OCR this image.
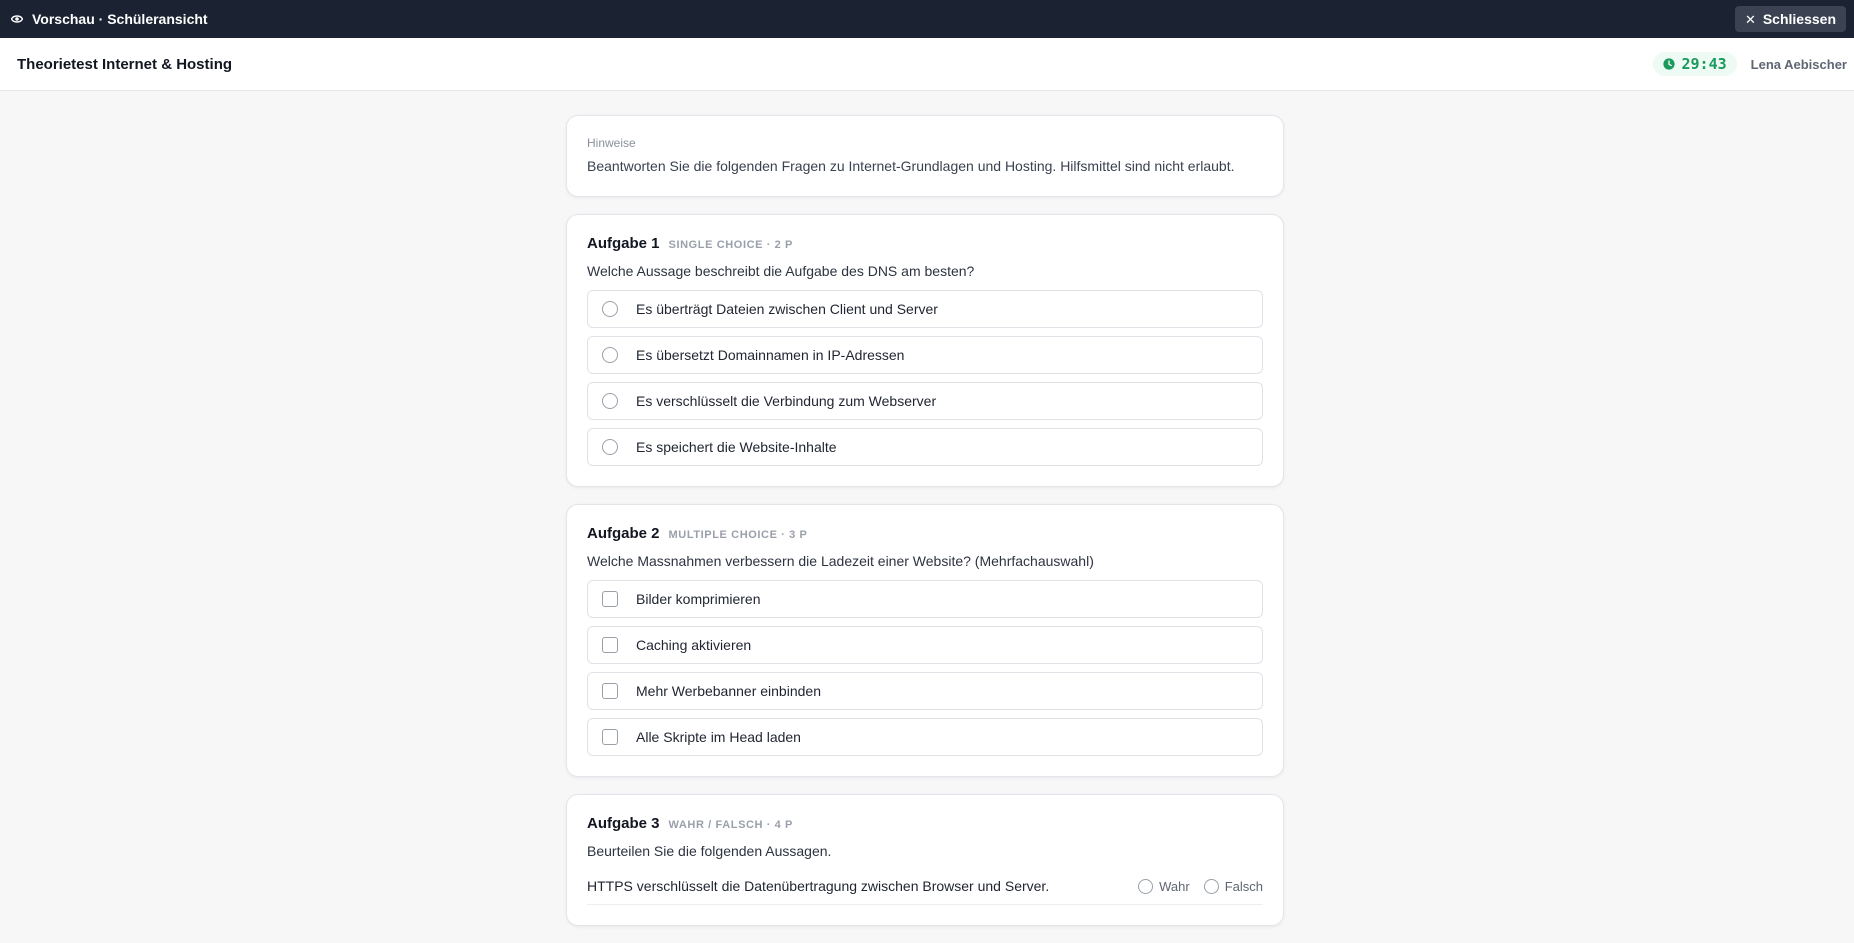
Vorschau · Schüleransicht	✕ Schliessen
Theorietest Internet & Hosting	29:43 Lena Aebischer
Hinweise
Beantworten Sie die folgenden Fragen zu Internet-Grundlagen und Hosting. Hilfsmittel sind nicht erlaubt.
Aufgabe 1 SINGLE CHOICE · 2 P
Welche Aussage beschreibt die Aufgabe des DNS am besten?
Es überträgt Dateien zwischen Client und Server
Es übersetzt Domainnamen in IP-Adressen
Es verschlüsselt die Verbindung zum Webserver
Es speichert die Website-Inhalte
Aufgabe 2 MULTIPLE CHOICE · 3 P
Welche Massnahmen verbessern die Ladezeit einer Website? (Mehrfachauswahl)
Bilder komprimieren
Caching aktivieren
Mehr Werbebanner einbinden
Alle Skripte im Head laden
Aufgabe 3 WAHR / FALSCH · 4 P
Beurteilen Sie die folgenden Aussagen.
HTTPS verschlüsselt die Datenübertragung zwischen Browser und Server.	Wahr	Falsch
